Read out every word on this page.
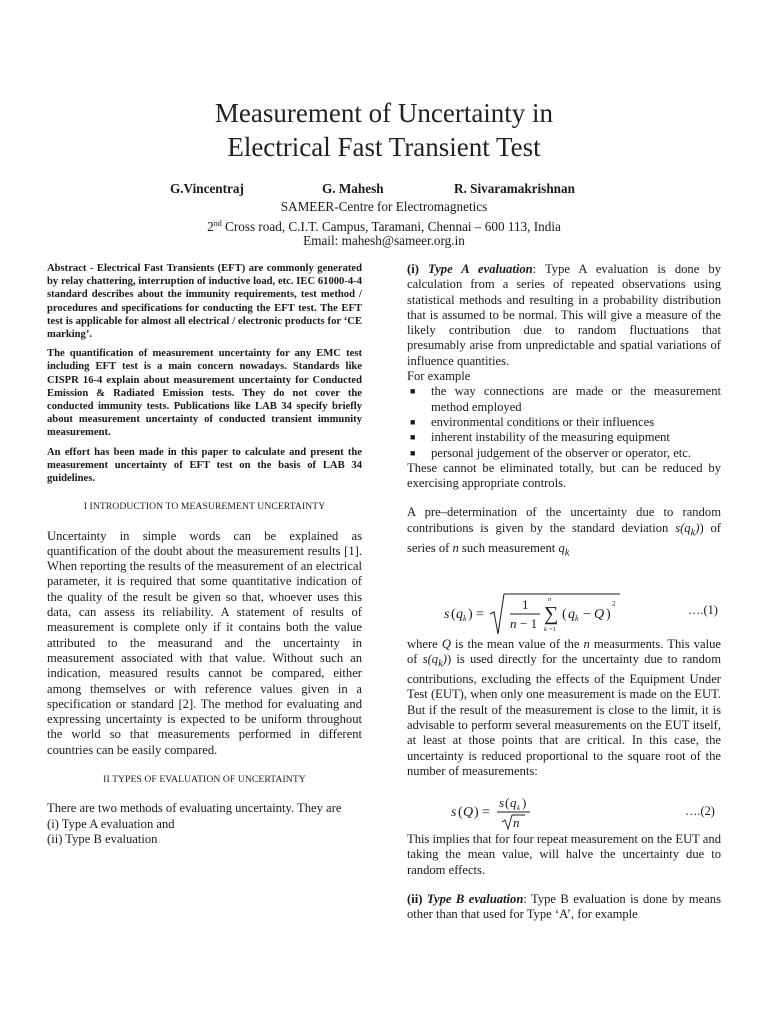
Measurement of Uncertainty in
Electrical Fast Transient Test
G.Vincentraj	G. Mahesh	R. Sivaramakrishnan
SAMEER-Centre for Electromagnetics
2nd Cross road, C.I.T. Campus, Taramani, Chennai – 600 113, India
Email: mahesh@sameer.org.in
Abstract - Electrical Fast Transients (EFT) are commonly generated by relay chattering, interruption of inductive load, etc. IEC 61000-4-4 standard describes about the immunity requirements, test method / procedures and specifications for conducting the EFT test. The EFT test is applicable for almost all electrical / electronic products for ‘CE marking’.
The quantification of measurement uncertainty for any EMC test including EFT test is a main concern nowadays. Standards like CISPR 16-4 explain about measurement uncertainty for Conducted Emission & Radiated Emission tests. They do not cover the conducted immunity tests. Publications like LAB 34 specify briefly about measurement uncertainty of conducted transient immunity measurement.
An effort has been made in this paper to calculate and present the measurement uncertainty of EFT test on the basis of LAB 34 guidelines.
I INTRODUCTION TO MEASUREMENT UNCERTAINTY
Uncertainty in simple words can be explained as quantification of the doubt about the measurement results [1]. When reporting the results of the measurement of an electrical parameter, it is required that some quantitative indication of the quality of the result be given so that, whoever uses this data, can assess its reliability. A statement of results of measurement is complete only if it contains both the value attributed to the measurand and the uncertainty in measurement associated with that value. Without such an indication, measured results cannot be compared, either among themselves or with reference values given in a specification or standard [2]. The method for evaluating and expressing uncertainty is expected to be uniform throughout the world so that measurements performed in different countries can be easily compared.
II TYPES OF EVALUATION OF UNCERTAINTY
There are two methods of evaluating uncertainty. They are
(i) Type A evaluation and
(ii) Type B evaluation
(i) Type A evaluation: Type A evaluation is done by calculation from a series of repeated observations using statistical methods and resulting in a probability distribution that is assumed to be normal. This will give a measure of the likely contribution due to random fluctuations that presumably arise from unpredictable and spatial variations of influence quantities.
For example
■ the way connections are made or the measurement method employed
■ environmental conditions or their influences
■ inherent instability of the measuring equipment
■ personal judgement of the observer or operator, etc.
These cannot be eliminated totally, but can be reduced by exercising appropriate controls.
A pre–determination of the uncertainty due to random contributions is given by the standard deviation $s(q_k)$) of series of n such measurement $q_k$
s ( q k ) =
1
n − 1
n
∑
k =1
( q k − Q )
2	….(1)
where Q is the mean value of the n measurments. This value of $s(q_k)$) is used directly for the uncertainty due to random contributions, excluding the effects of the Equipment Under Test (EUT), when only one measurement is made on the EUT. But if the result of the measurement is close to the limit, it is advisable to perform several measurements on the EUT itself, at least at those points that are critical. In this case, the uncertainty is reduced proportional to the square root of the number of measurements:
s ( Q ) =
s ( q k )
n
….(2)
This implies that for four repeat measurement on the EUT and taking the mean value, will halve the uncertainty due to random effects.
(ii) Type B evaluation: Type B evaluation is done by means other than that used for Type ‘A’, for example
